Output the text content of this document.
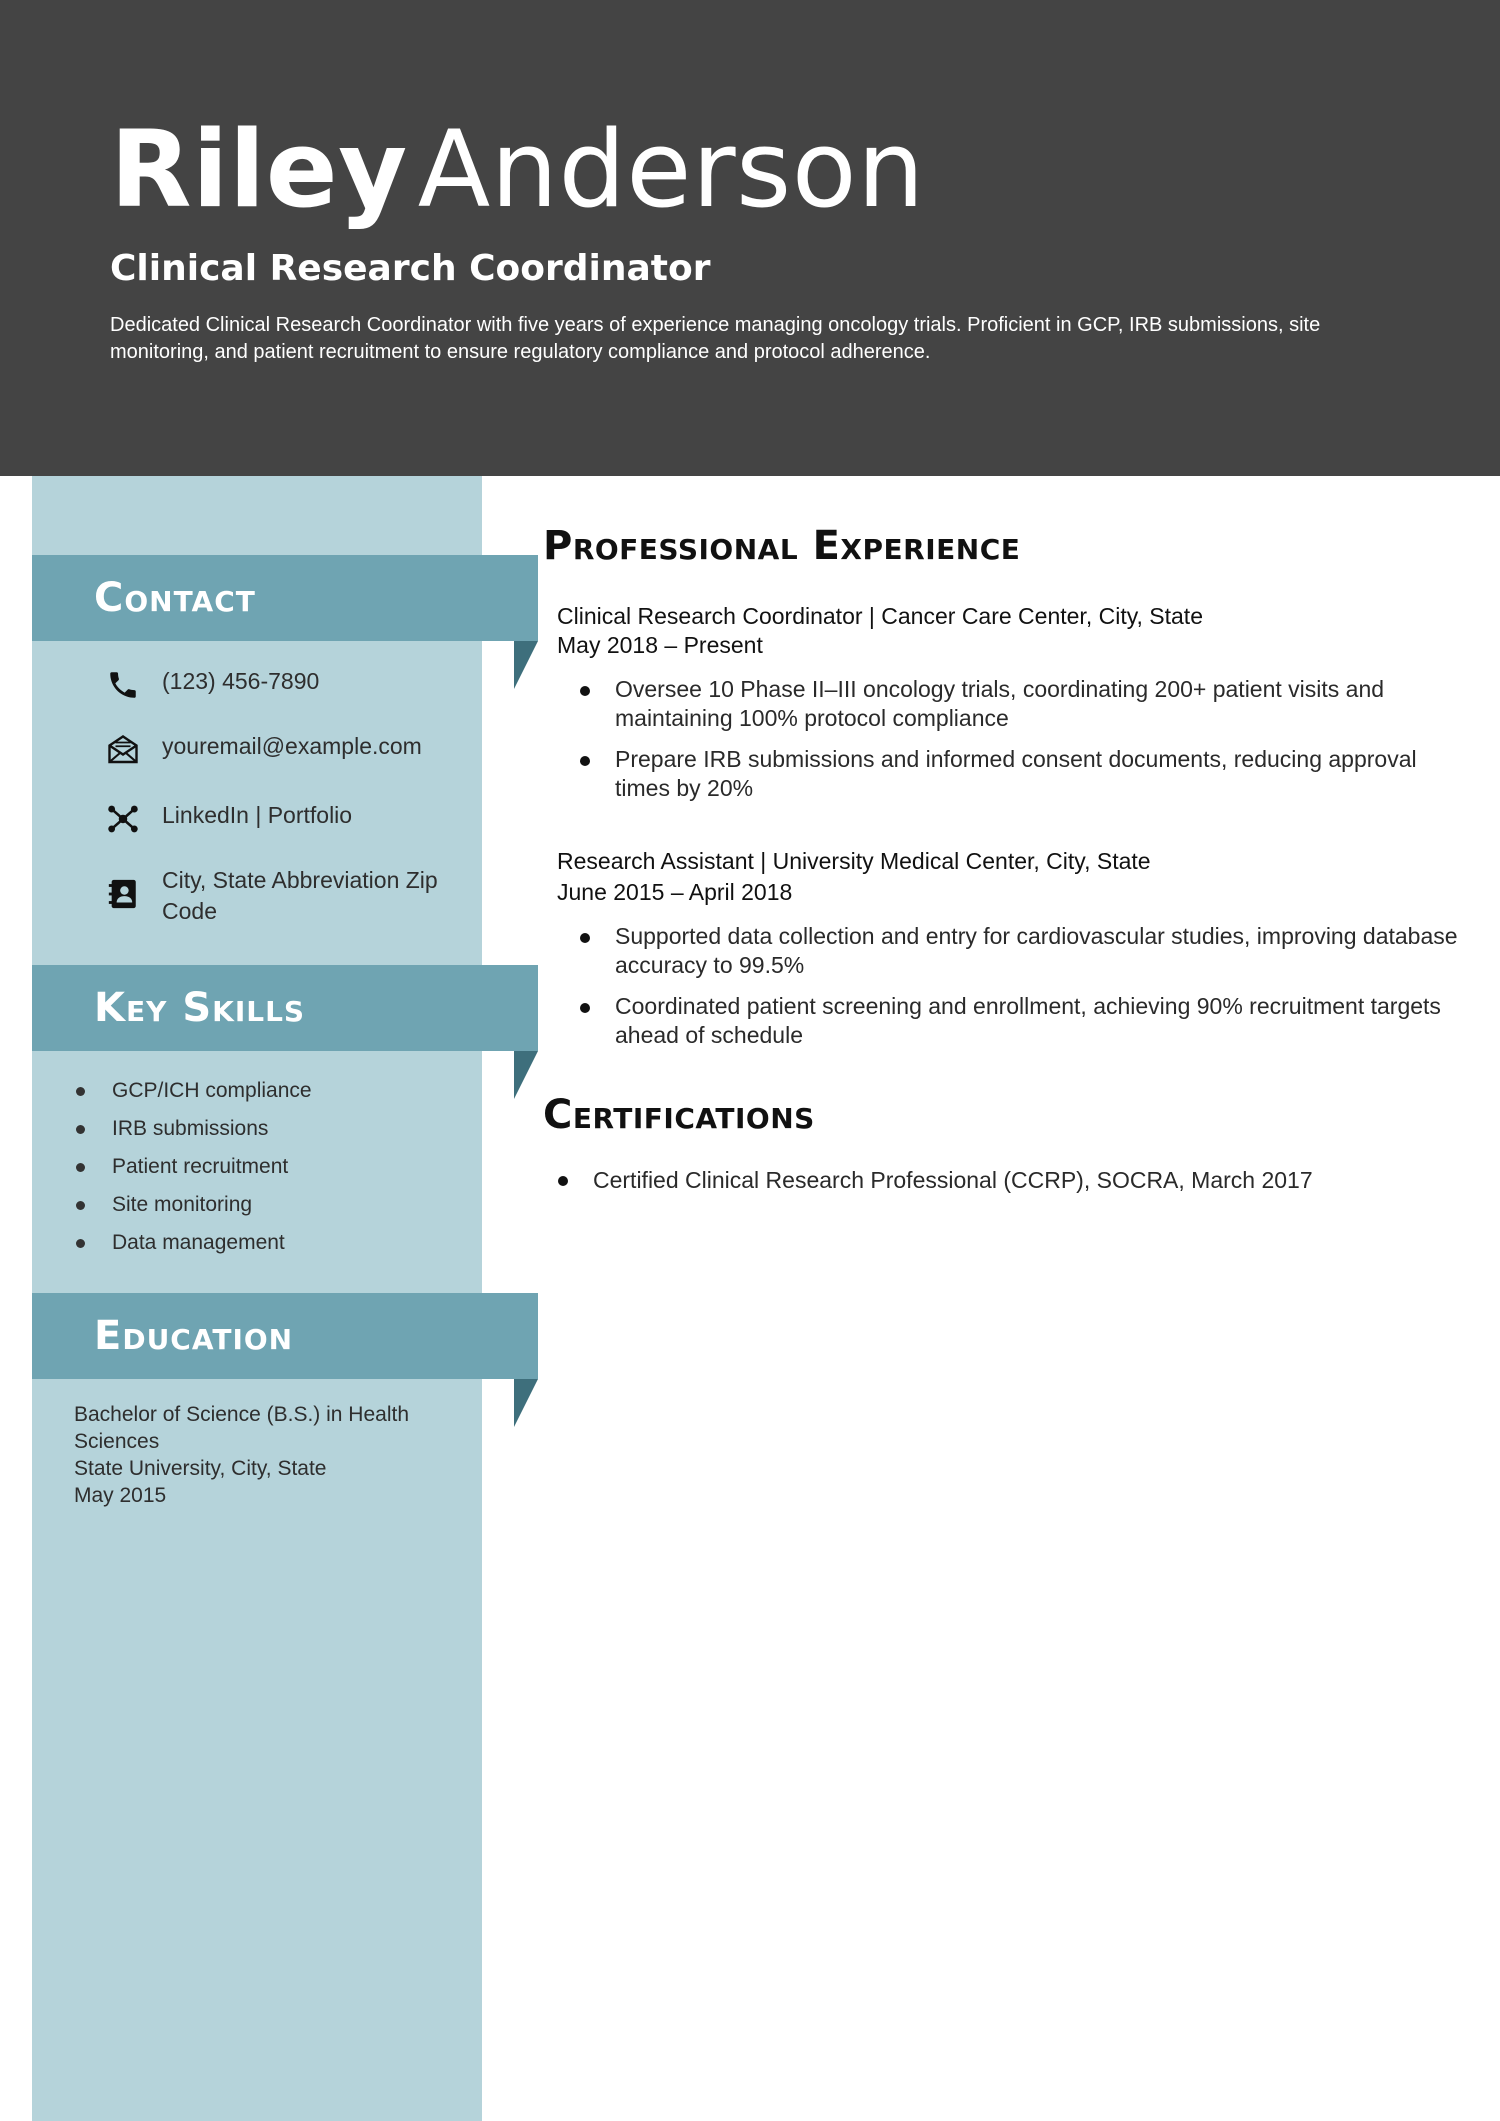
RileyAnderson
Clinical Research Coordinator
Dedicated Clinical Research Coordinator with five years of experience managing oncology trials. Proficient in GCP, IRB submissions, site monitoring, and patient recruitment to ensure regulatory compliance and protocol adherence.
Contact
(123) 456-7890
youremail@example.com
LinkedIn | Portfolio
City, State Abbreviation Zip Code
Key Skills
GCP/ICH compliance
IRB submissions
Patient recruitment
Site monitoring
Data management
Education
Bachelor of Science (B.S.) in Health Sciences
State University, City, State
May 2015
Professional Experience
Clinical Research Coordinator | Cancer Care Center, City, State
May 2018 – Present
Oversee 10 Phase II–III oncology trials, coordinating 200+ patient visits and maintaining 100% protocol compliance
Prepare IRB submissions and informed consent documents, reducing approval times by 20%
Research Assistant | University Medical Center, City, State
June 2015 – April 2018
Supported data collection and entry for cardiovascular studies, improving database accuracy to 99.5%
Coordinated patient screening and enrollment, achieving 90% recruitment targets ahead of schedule
Certifications
Certified Clinical Research Professional (CCRP), SOCRA, March 2017
